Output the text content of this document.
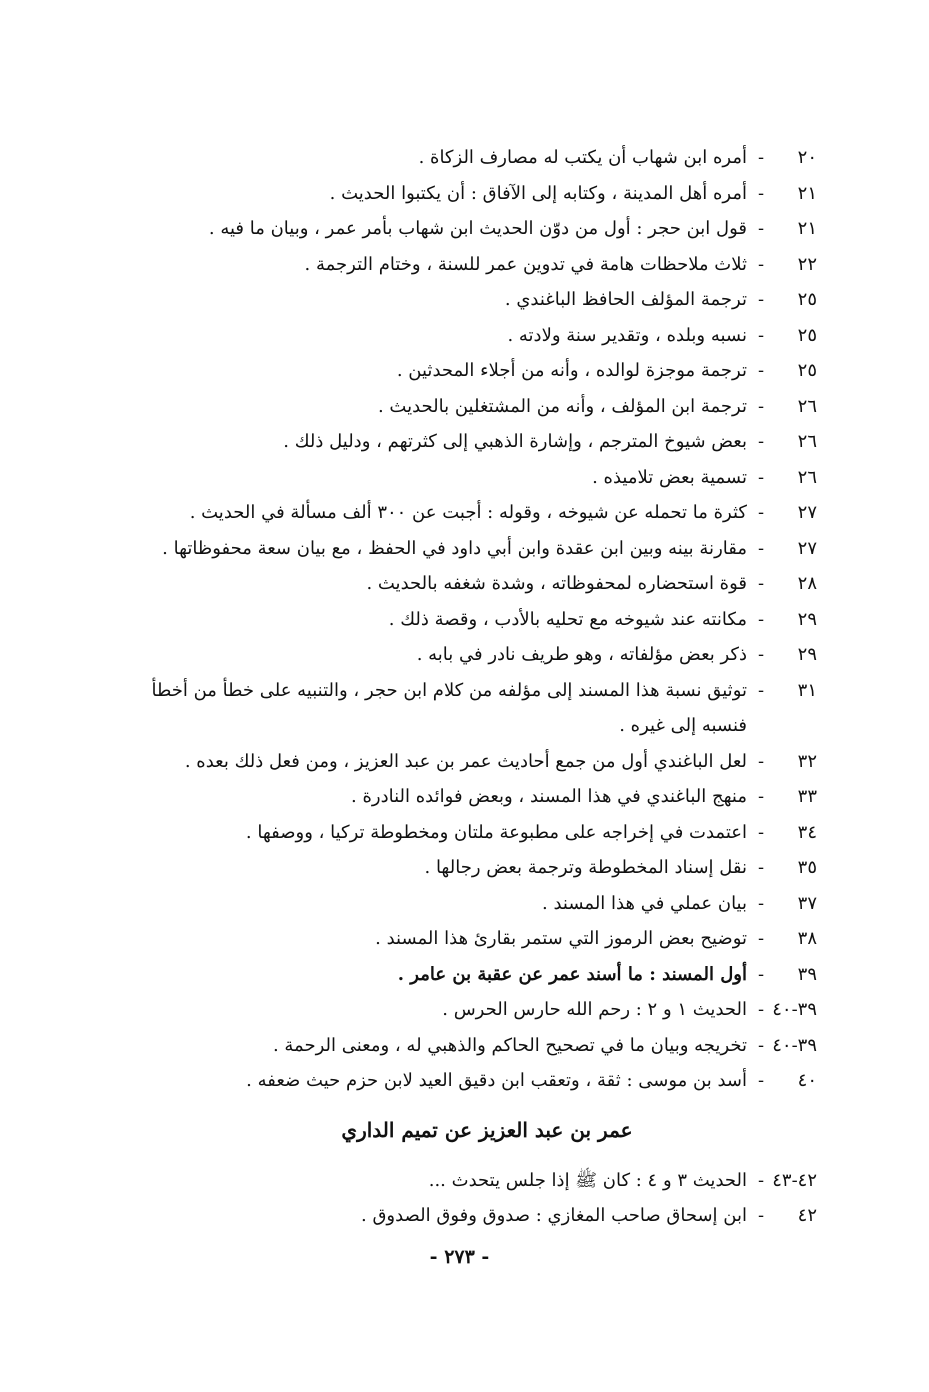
٢٠
-
أمره ابن شهاب أن يكتب له مصارف الزكاة .
٢١
-
أمره أهل المدينة ، وكتابه إلى الآفاق : أن يكتبوا الحديث .
٢١
-
قول ابن حجر : أول من دوّن الحديث ابن شهاب بأمر عمر ، وبيان ما فيه .
٢٢
-
ثلاث ملاحظات هامة في تدوين عمر للسنة ، وختام الترجمة .
٢٥
-
ترجمة المؤلف الحافظ الباغندي .
٢٥
-
نسبه وبلده ، وتقدير سنة ولادته .
٢٥
-
ترجمة موجزة لوالده ، وأنه من أجلاء المحدثين .
٢٦
-
ترجمة ابن المؤلف ، وأنه من المشتغلين بالحديث .
٢٦
-
بعض شيوخ المترجم ، وإشارة الذهبي إلى كثرتهم ، ودليل ذلك .
٢٦
-
تسمية بعض تلاميذه .
٢٧
-
كثرة ما تحمله عن شيوخه ، وقوله : أجبت عن ٣٠٠ ألف مسألة في الحديث .
٢٧
-
مقارنة بينه وبين ابن عقدة وابن أبي داود في الحفظ ، مع بيان سعة محفوظاتها .
٢٨
-
قوة استحضاره لمحفوظاته ، وشدة شغفه بالحديث .
٢٩
-
مكانته عند شيوخه مع تحليه بالأدب ، وقصة ذلك .
٢٩
-
ذكر بعض مؤلفاته ، وهو طريف نادر في بابه .
٣١
-
توثيق نسبة هذا المسند إلى مؤلفه من كلام ابن حجر ، والتنبيه على خطأ من أخطأ فنسبه إلى غيره .
٣٢
-
لعل الباغندي أول من جمع أحاديث عمر بن عبد العزيز ، ومن فعل ذلك بعده .
٣٣
-
منهج الباغندي في هذا المسند ، وبعض فوائده النادرة .
٣٤
-
اعتمدت في إخراجه على مطبوعة ملتان ومخطوطة تركيا ، ووصفها .
٣٥
-
نقل إسناد المخطوطة وترجمة بعض رجالها .
٣٧
-
بيان عملي في هذا المسند .
٣٨
-
توضيح بعض الرموز التي ستمر بقارئ هذا المسند .
٣٩
-
أول المسند : ما أسند عمر عن عقبة بن عامر .
٣٩-٤٠
-
الحديث ١ و ٢ : رحم الله حارس الحرس .
٣٩-٤٠
-
تخريجه وبيان ما في تصحيح الحاكم والذهبي له ، ومعنى الرحمة .
٤٠
-
أسد بن موسى : ثقة ، وتعقب ابن دقيق العيد لابن حزم حيث ضعفه .
عمر بن عبد العزيز عن تميم الداري
٤٢-٤٣
-
الحديث ٣ و ٤ : كان ﷺ إذا جلس يتحدث ...
٤٢
-
ابن إسحاق صاحب المغازي : صدوق وفوق الصدوق .
- ٢٧٣ -
